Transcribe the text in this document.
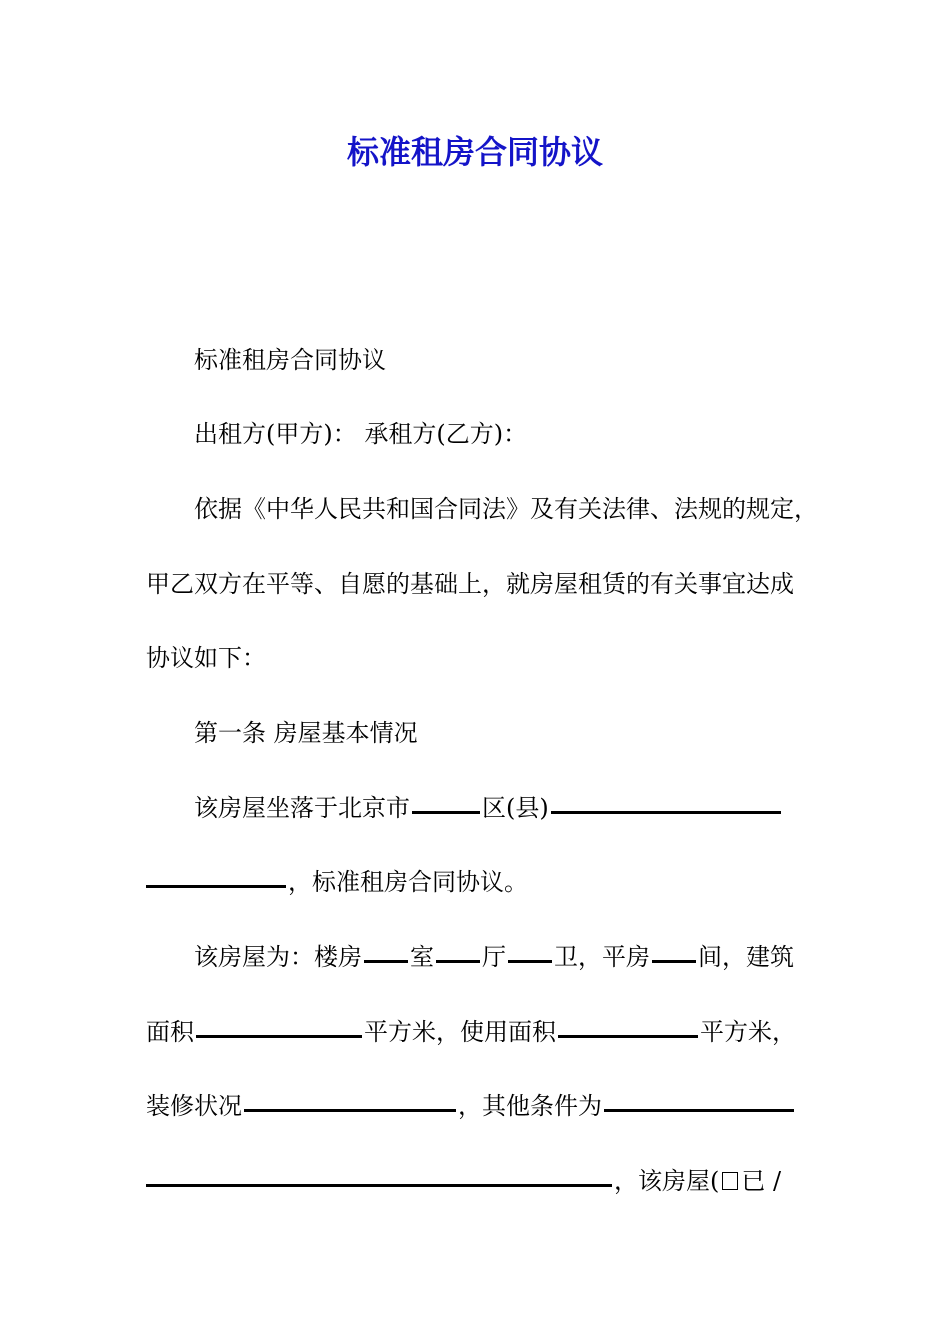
标准租房合同协议
标准租房合同协议
出租方(甲方)： 承租方(乙方)：
依据《中华人民共和国合同法》及有关法律、法规的规定，
甲乙双方在平等、自愿的基础上，就房屋租赁的有关事宜达成
协议如下：
第一条 房屋基本情况
该房屋坐落于北京市	区(县)
，标准租房合同协议。
该房屋为：楼房 室 厅 卫，平房 间，建筑
面积	平方米，使用面积	平方米，
装修状况	，其他条件为
，该房屋( 已 /
